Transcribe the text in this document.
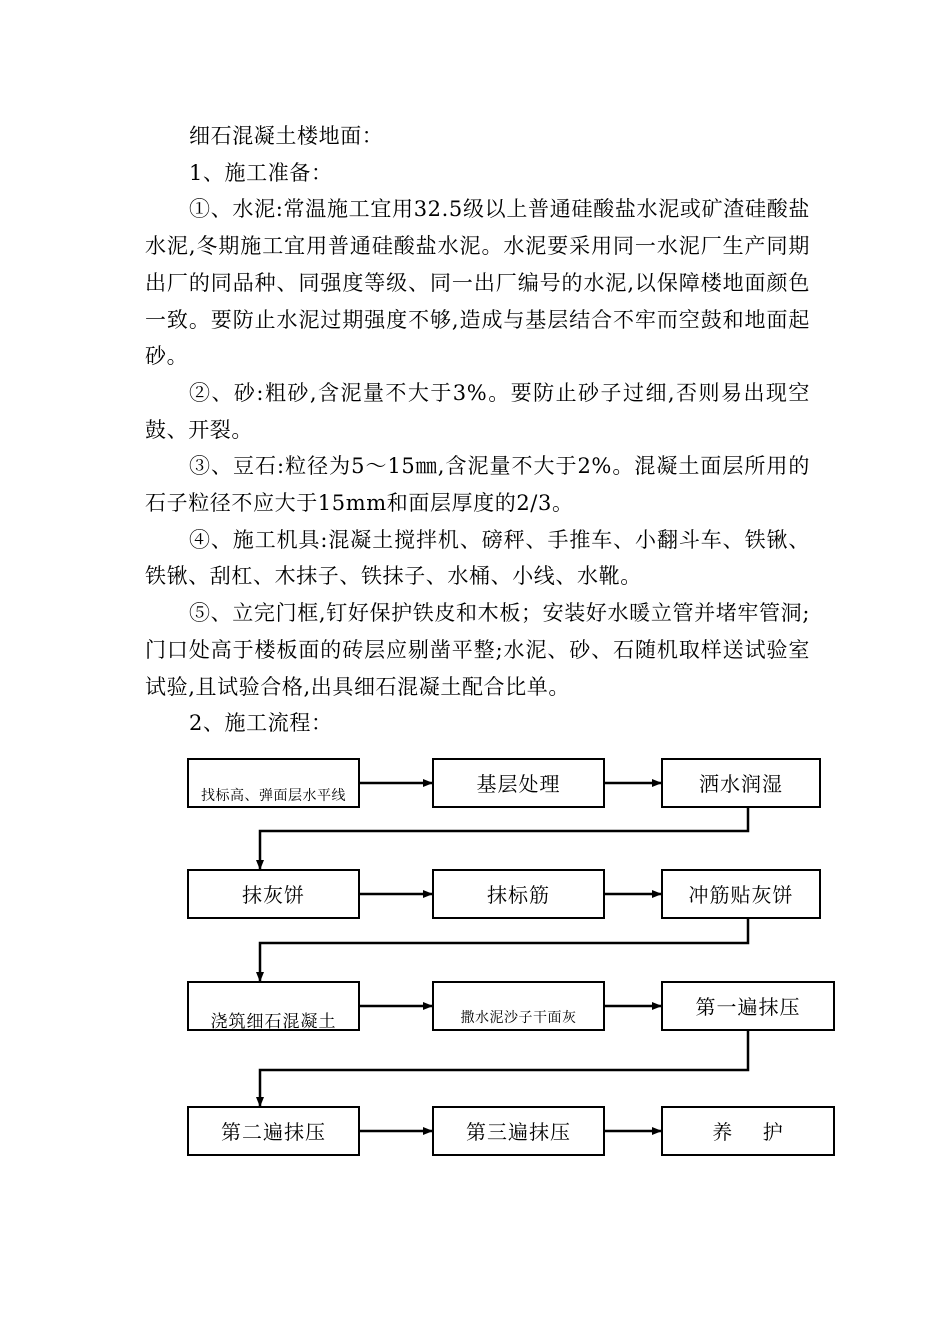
细石混凝土楼地面：

1、施工准备：

①、水泥:常温施工宜用32.5级以上普通硅酸盐水泥或矿渣硅酸盐水泥,冬期施工宜用普通硅酸盐水泥。水泥要采用同一水泥厂生产同期出厂的同品种、同强度等级、同一出厂编号的水泥,以保障楼地面颜色一致。要防止水泥过期强度不够,造成与基层结合不牢而空鼓和地面起砂。

②、砂:粗砂,含泥量不大于3%。要防止砂子过细,否则易出现空鼓、开裂。

③、豆石:粒径为5～15㎜,含泥量不大于2%。混凝土面层所用的石子粒径不应大于15mm和面层厚度的2/3。

④、施工机具:混凝土搅拌机、磅秤、手推车、小翻斗车、铁锹、铁锹、刮杠、木抹子、铁抹子、水桶、小线、水靴。

⑤、立完门框,钉好保护铁皮和木板；安装好水暖立管并堵牢管洞;门口处高于楼板面的砖层应剔凿平整;水泥、砂、石随机取样送试验室试验,且试验合格,出具细石混凝土配合比单。

2、施工流程：

找标高、弹面层水平线	基层处理	洒水润湿
抹灰饼	抹标筋	冲筋贴灰饼
浇筑细石混凝土	撒水泥沙子干面灰	第一遍抹压
第二遍抹压	第三遍抹压	养    护
